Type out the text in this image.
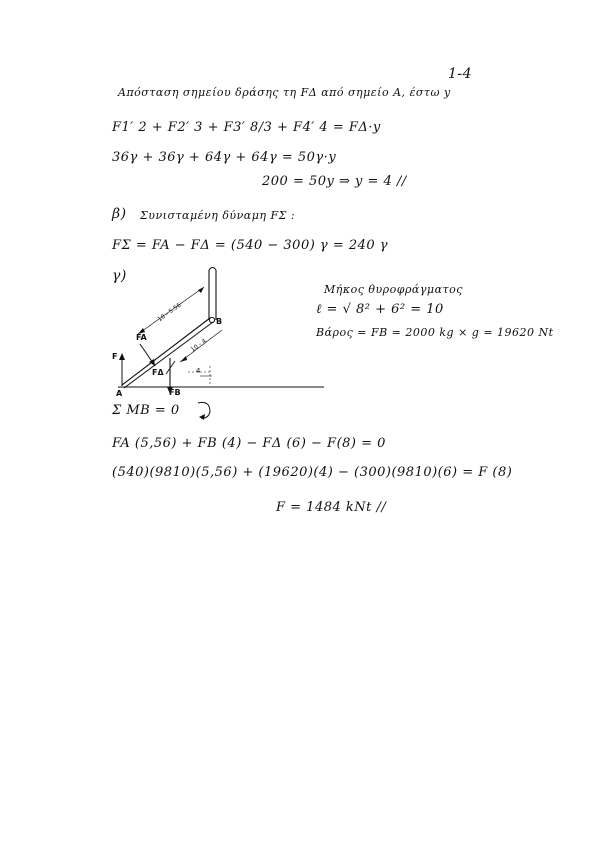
1-4
Απόσταση σημείου δράσης τη FΔ από σημείο A, έστω y
F1′ 2 + F2′ 3 + F3′ 8/3 + F4′ 4 = FΔ·y
36γ + 36γ + 64γ + 64γ = 50γ·y
200 = 50y ⇒ y = 4 //
β) Συνισταμένη δύναμη FΣ :
FΣ = FA − FΔ = (540 − 300) γ = 240 γ
γ)
Μήκος θυροφράγματος
ℓ = √ 8² + 6² = 10
Βάρος = FB = 2000 kg × g = 19620 Nt
FA
FB
FΔ
F
A
B
10 - 5.56
10 - 4
4
Σ MB = 0
FA (5,56) + FB (4) − FΔ (6) − F(8) = 0
(540)(9810)(5,56) + (19620)(4) − (300)(9810)(6) = F (8)
F = 1484 kNt //
